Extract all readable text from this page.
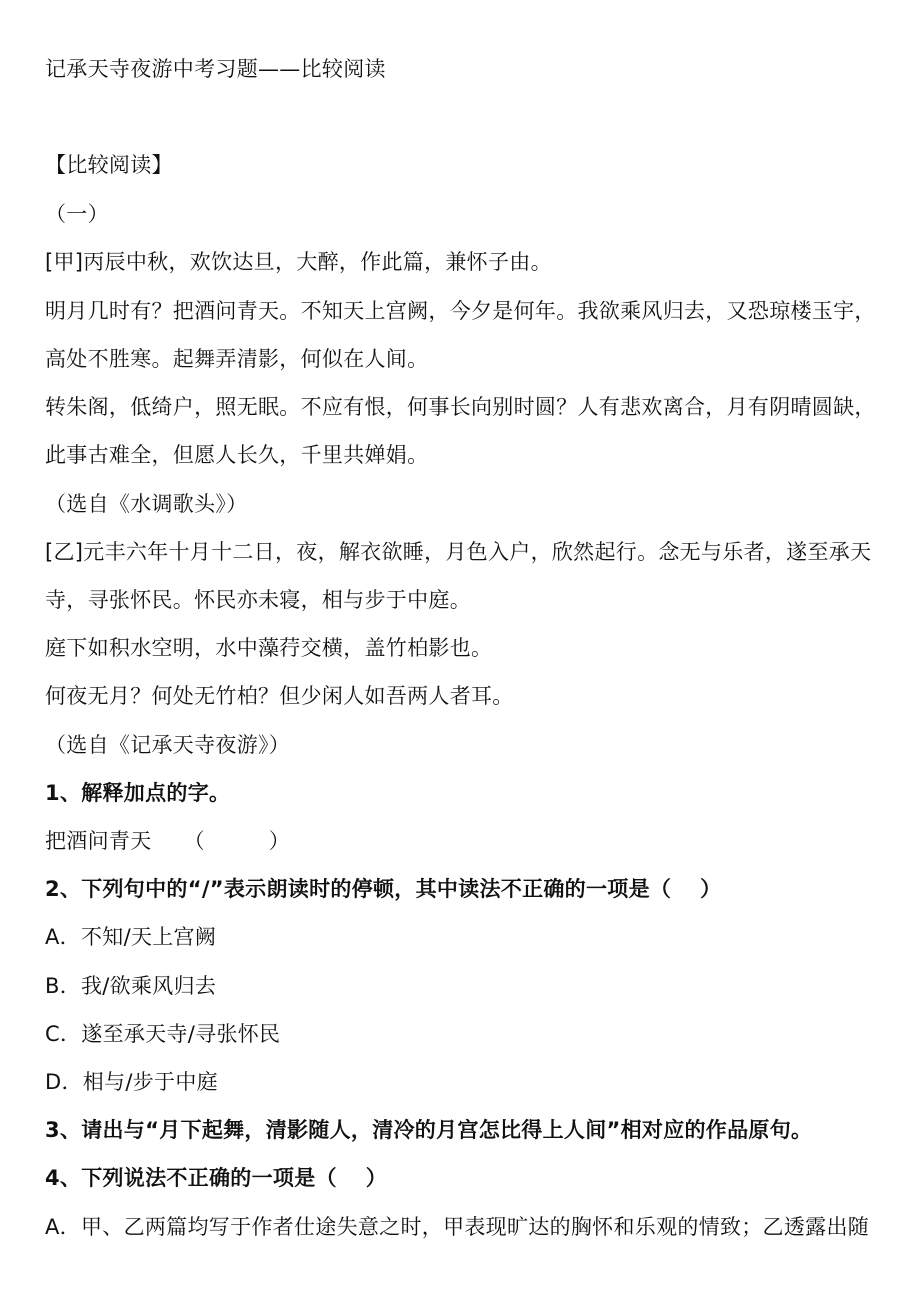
记承天寺夜游中考习题——比较阅读
【比较阅读】
（一）
[甲]丙辰中秋，欢饮达旦，大醉，作此篇，兼怀子由。
明月几时有？把酒问青天。不知天上宫阙，今夕是何年。我欲乘风归去，又恐琼楼玉宇，
高处不胜寒。起舞弄清影，何似在人间。
转朱阁，低绮户，照无眠。不应有恨，何事长向别时圆？人有悲欢离合，月有阴晴圆缺，
此事古难全，但愿人长久，千里共婵娟。
（选自《水调歌头》）
[乙]元丰六年十月十二日，夜，解衣欲睡，月色入户，欣然起行。念无与乐者，遂至承天
寺，寻张怀民。怀民亦未寝，相与步于中庭。
庭下如积水空明，水中藻荇交横，盖竹柏影也。
何夜无月？何处无竹柏？但少闲人如吾两人者耳。
（选自《记承天寺夜游》）
1、解释加点的字。
把酒问青天　　（　　　）
2、下列句中的“/”表示朗读时的停顿，其中读法不正确的一项是（　 ）
A．不知/天上宫阙
B．我/欲乘风归去
C．遂至承天寺/寻张怀民
D．相与/步于中庭
3、请出与“月下起舞，清影随人，清冷的月宫怎比得上人间”相对应的作品原句。
4、下列说法不正确的一项是（　 ）
A．甲、乙两篇均写于作者仕途失意之时，甲表现旷达的胸怀和乐观的情致；乙透露出随
